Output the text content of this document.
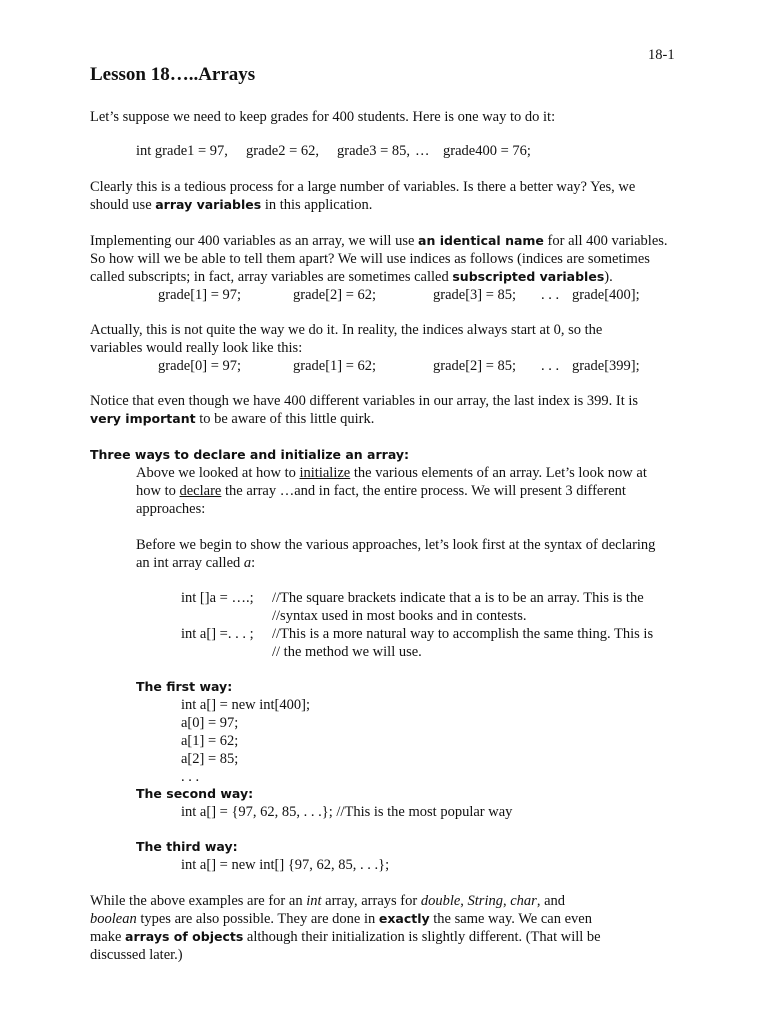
18-1
Lesson 18…..Arrays
Let’s suppose we need to keep grades for 400 students. Here is one way to do it:
int grade1 = 97, grade2 = 62, grade3 = 85, … grade400 = 76;
Clearly this is a tedious process for a large number of variables. Is there a better way? Yes, we
should use array variables in this application.
Implementing our 400 variables as an array, we will use an identical name for all 400 variables.
So how will we be able to tell them apart? We will use indices as follows (indices are sometimes
called subscripts; in fact, array variables are sometimes called subscripted variables).
grade[1] = 97;	grade[2] = 62;	grade[3] = 85; . . . grade[400];
Actually, this is not quite the way we do it. In reality, the indices always start at 0, so the
variables would really look like this:
grade[0] = 97;	grade[1] = 62;	grade[2] = 85; . . . grade[399];
Notice that even though we have 400 different variables in our array, the last index is 399. It is
very important to be aware of this little quirk.
Three ways to declare and initialize an array:
Above we looked at how to initialize the various elements of an array. Let’s look now at
how to declare the array …and in fact, the entire process. We will present 3 different
approaches:
Before we begin to show the various approaches, let’s look first at the syntax of declaring
an int array called a:
int []a = ….; //The square brackets indicate that a is to be an array. This is the
//syntax used in most books and in contests.
int a[] =. . . ; //This is a more natural way to accomplish the same thing. This is
// the method we will use.
The first way:
int a[] = new int[400];
a[0] = 97;
a[1] = 62;
a[2] = 85;
. . .
The second way:
int a[] = {97, 62, 85, . . .}; //This is the most popular way
The third way:
int a[] = new int[] {97, 62, 85, . . .};
While the above examples are for an int array, arrays for double, String, char, and
boolean types are also possible. They are done in exactly the same way. We can even
make arrays of objects although their initialization is slightly different. (That will be
discussed later.)
